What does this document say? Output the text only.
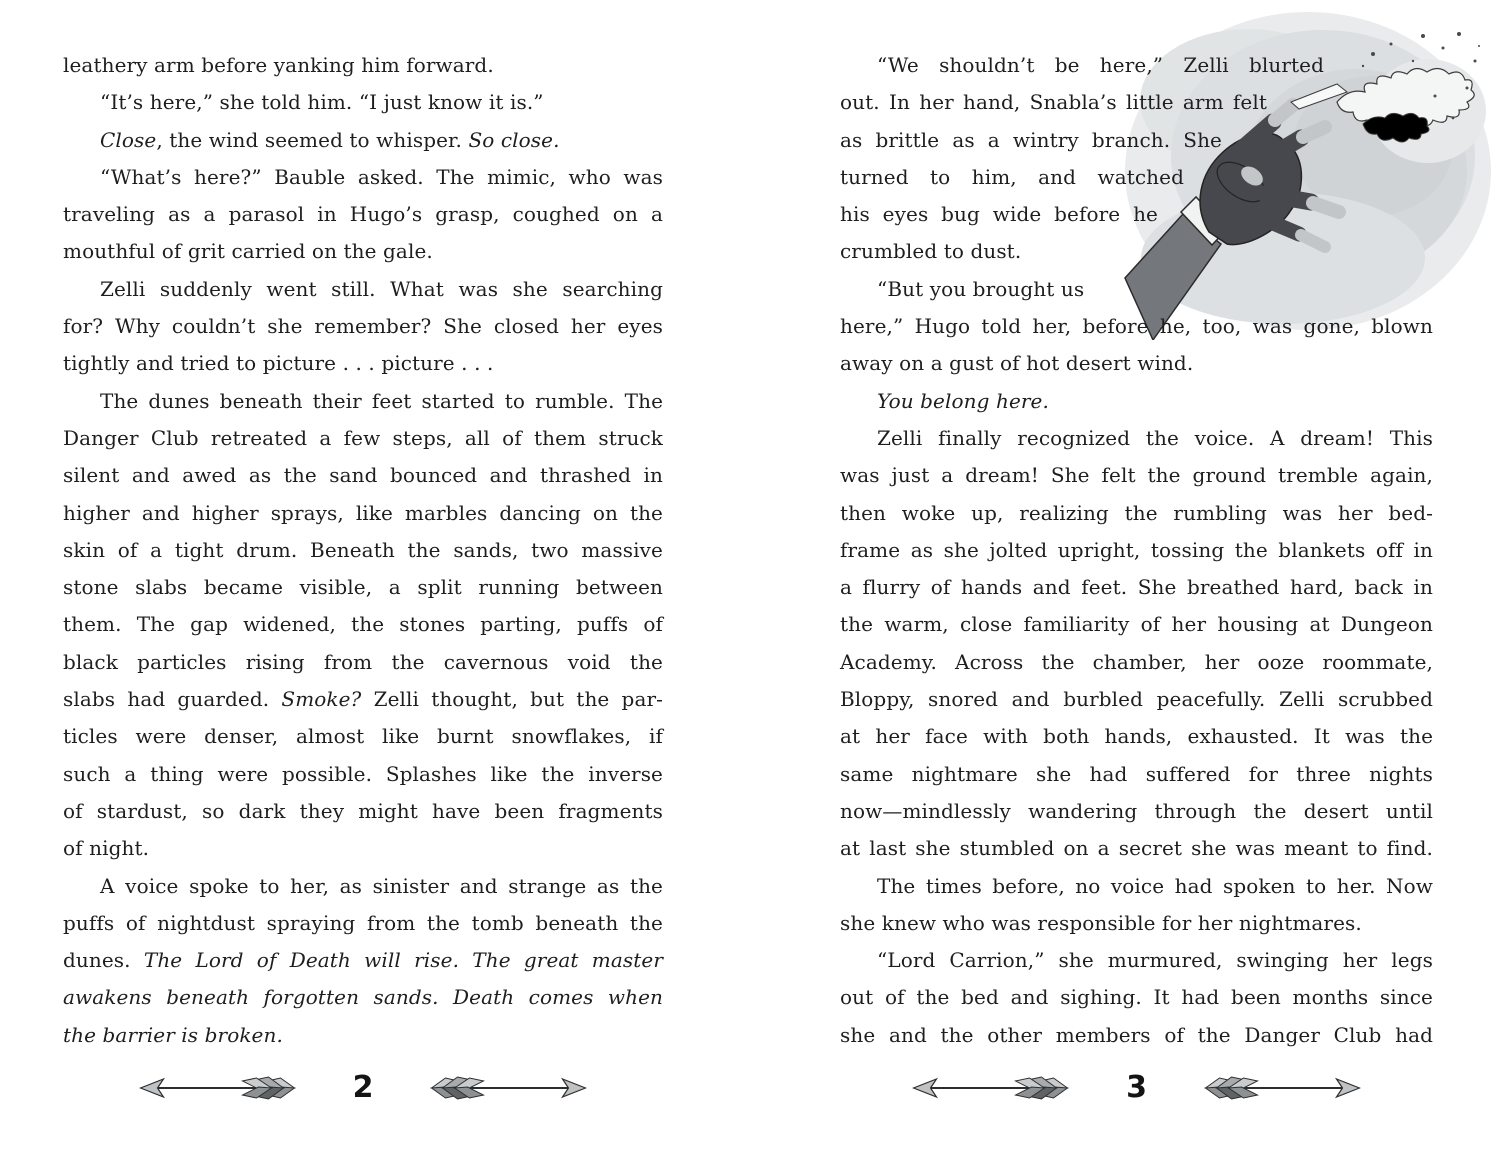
leathery arm before yanking him forward.
“It’s here,” she told him. “I just know it is.”
Close, the wind seemed to whisper. So close.
“What’s here?” Bauble asked. The mimic, who was
traveling as a parasol in Hugo’s grasp, coughed on a
mouthful of grit carried on the gale.
Zelli suddenly went still. What was she searching
for? Why couldn’t she remember? She closed her eyes
tightly and tried to picture . . . picture . . .
The dunes beneath their feet started to rumble. The
Danger Club retreated a few steps, all of them struck
silent and awed as the sand bounced and thrashed in
higher and higher sprays, like marbles dancing on the
skin of a tight drum. Beneath the sands, two massive
stone slabs became visible, a split running between
them. The gap widened, the stones parting, puffs of
black particles rising from the cavernous void the
slabs had guarded. Smoke? Zelli thought, but the par-
ticles were denser, almost like burnt snowflakes, if
such a thing were possible. Splashes like the inverse
of stardust, so dark they might have been fragments
of night.
A voice spoke to her, as sinister and strange as the
puffs of nightdust spraying from the tomb beneath the
dunes. The Lord of Death will rise. The great master
awakens beneath forgotten sands. Death comes when
the barrier is broken.
“We shouldn’t be here,” Zelli blurted
out. In her hand, Snabla’s little arm felt
as brittle as a wintry branch. She
turned to him, and watched
his eyes bug wide before he
crumbled to dust.
“But you brought us
here,” Hugo told her, before he, too, was gone, blown
away on a gust of hot desert wind.
You belong here.
Zelli finally recognized the voice. A dream! This
was just a dream! She felt the ground tremble again,
then woke up, realizing the rumbling was her bed-
frame as she jolted upright, tossing the blankets off in
a flurry of hands and feet. She breathed hard, back in
the warm, close familiarity of her housing at Dungeon
Academy. Across the chamber, her ooze roommate,
Bloppy, snored and burbled peacefully. Zelli scrubbed
at her face with both hands, exhausted. It was the
same nightmare she had suffered for three nights
now—mindlessly wandering through the desert until
at last she stumbled on a secret she was meant to find.
The times before, no voice had spoken to her. Now
she knew who was responsible for her nightmares.
“Lord Carrion,” she murmured, swinging her legs
out of the bed and sighing. It had been months since
she and the other members of the Danger Club had
2	3
